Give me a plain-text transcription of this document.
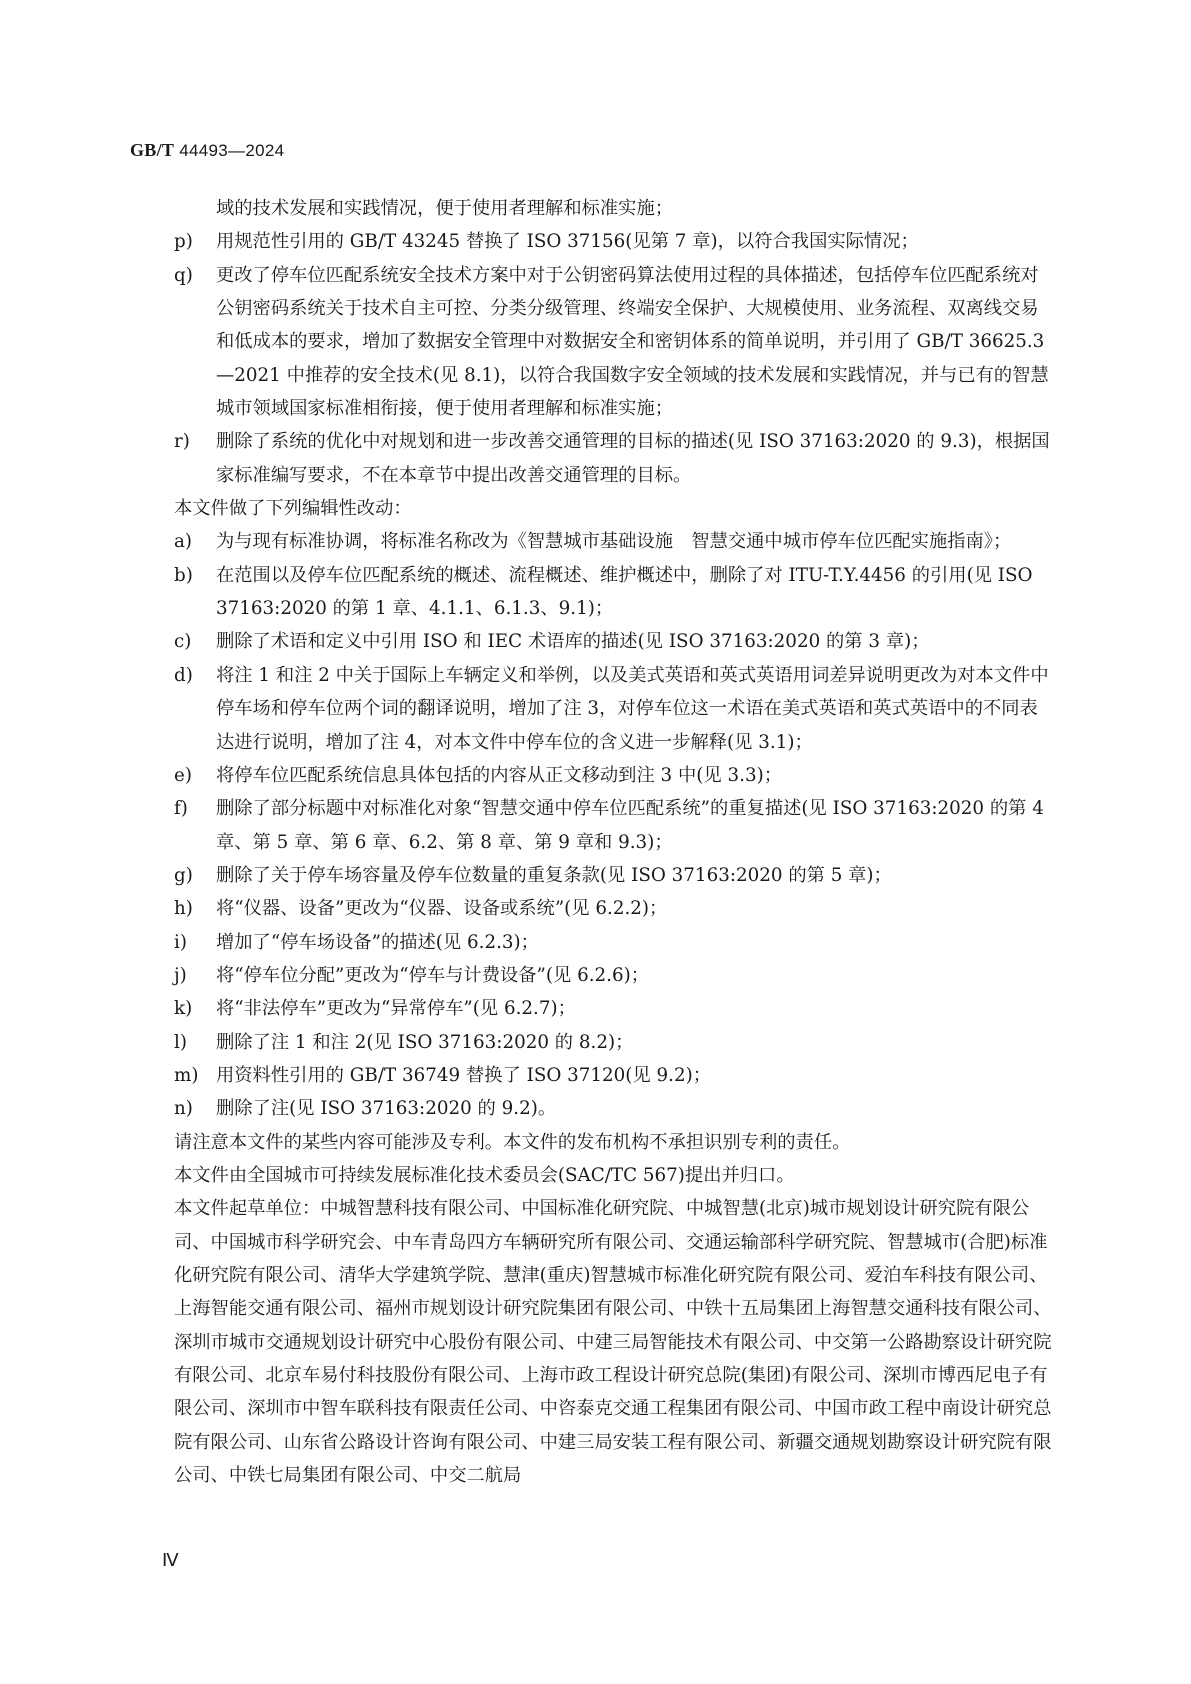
GB/T 44493—2024

域的技术发展和实践情况，便于使用者理解和标准实施；

p)	用规范性引用的 GB/T 43245 替换了 ISO 37156(见第 7 章)，以符合我国实际情况；
q)	更改了停车位匹配系统安全技术方案中对于公钥密码算法使用过程的具体描述，包括停车位匹配系统对公钥密码系统关于技术自主可控、分类分级管理、终端安全保护、大规模使用、业务流程、双离线交易和低成本的要求，增加了数据安全管理中对数据安全和密钥体系的简单说明，并引用了 GB/T 36625.3—2021 中推荐的安全技术(见 8.1)，以符合我国数字安全领域的技术发展和实践情况，并与已有的智慧城市领域国家标准相衔接，便于使用者理解和标准实施；
r)	删除了系统的优化中对规划和进一步改善交通管理的目标的描述(见 ISO 37163:2020 的 9.3)，根据国家标准编写要求，不在本章节中提出改善交通管理的目标。

本文件做了下列编辑性改动：

a)	为与现有标准协调，将标准名称改为《智慧城市基础设施　智慧交通中城市停车位匹配实施指南》；
b)	在范围以及停车位匹配系统的概述、流程概述、维护概述中，删除了对 ITU-T.Y.4456 的引用(见 ISO 37163:2020 的第 1 章、4.1.1、6.1.3、9.1)；
c)	删除了术语和定义中引用 ISO 和 IEC 术语库的描述(见 ISO 37163:2020 的第 3 章)；
d)	将注 1 和注 2 中关于国际上车辆定义和举例，以及美式英语和英式英语用词差异说明更改为对本文件中停车场和停车位两个词的翻译说明，增加了注 3，对停车位这一术语在美式英语和英式英语中的不同表达进行说明，增加了注 4，对本文件中停车位的含义进一步解释(见 3.1)；
e)	将停车位匹配系统信息具体包括的内容从正文移动到注 3 中(见 3.3)；
f)	删除了部分标题中对标准化对象“智慧交通中停车位匹配系统”的重复描述(见 ISO 37163:2020 的第 4 章、第 5 章、第 6 章、6.2、第 8 章、第 9 章和 9.3)；
g)	删除了关于停车场容量及停车位数量的重复条款(见 ISO 37163:2020 的第 5 章)；
h)	将“仪器、设备”更改为“仪器、设备或系统”(见 6.2.2)；
i)	增加了“停车场设备”的描述(见 6.2.3)；
j)	将“停车位分配”更改为“停车与计费设备”(见 6.2.6)；
k)	将“非法停车”更改为“异常停车”(见 6.2.7)；
l)	删除了注 1 和注 2(见 ISO 37163:2020 的 8.2)；
m) 用资料性引用的 GB/T 36749 替换了 ISO 37120(见 9.2)；
n)	删除了注(见 ISO 37163:2020 的 9.2)。

请注意本文件的某些内容可能涉及专利。本文件的发布机构不承担识别专利的责任。

本文件由全国城市可持续发展标准化技术委员会(SAC/TC 567)提出并归口。

本文件起草单位：中城智慧科技有限公司、中国标准化研究院、中城智慧(北京)城市规划设计研究院有限公司、中国城市科学研究会、中车青岛四方车辆研究所有限公司、交通运输部科学研究院、智慧城市(合肥)标准化研究院有限公司、清华大学建筑学院、慧津(重庆)智慧城市标准化研究院有限公司、爱泊车科技有限公司、上海智能交通有限公司、福州市规划设计研究院集团有限公司、中铁十五局集团上海智慧交通科技有限公司、深圳市城市交通规划设计研究中心股份有限公司、中建三局智能技术有限公司、中交第一公路勘察设计研究院有限公司、北京车易付科技股份有限公司、上海市政工程设计研究总院(集团)有限公司、深圳市博西尼电子有限公司、深圳市中智车联科技有限责任公司、中咨泰克交通工程集团有限公司、中国市政工程中南设计研究总院有限公司、山东省公路设计咨询有限公司、中建三局安装工程有限公司、新疆交通规划勘察设计研究院有限公司、中铁七局集团有限公司、中交二航局

Ⅳ
